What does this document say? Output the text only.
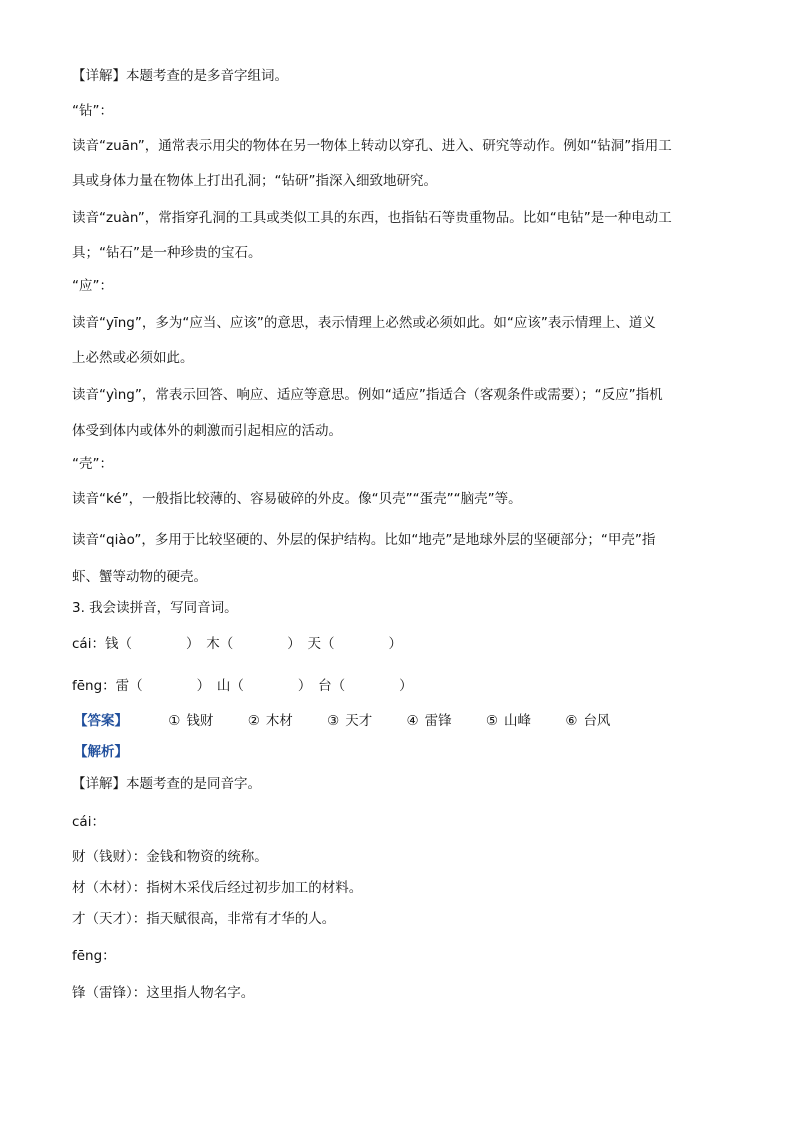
【详解】本题考查的是多音字组词。
“钻”：
读音“zuān”，通常表示用尖的物体在另一物体上转动以穿孔、进入、研究等动作。例如“钻洞”指用工
具或身体力量在物体上打出孔洞；“钻研”指深入细致地研究。
读音“zuàn”，常指穿孔洞的工具或类似工具的东西，也指钻石等贵重物品。比如“电钻”是一种电动工
具；“钻石”是一种珍贵的宝石。
“应”：
读音“yīng”，多为“应当、应该”的意思，表示情理上必然或必须如此。如“应该”表示情理上、道义
上必然或必须如此。
读音“yìng”，常表示回答、响应、适应等意思。例如“适应”指适合（客观条件或需要）；“反应”指机
体受到体内或体外的刺激而引起相应的活动。
“壳”：
读音“ké”，一般指比较薄的、容易破碎的外皮。像“贝壳”“蛋壳”“脑壳”等。
读音“qiào”，多用于比较坚硬的、外层的保护结构。比如“地壳”是地球外层的坚硬部分；“甲壳”指
虾、蟹等动物的硬壳。
3. 我会读拼音，写同音词。
cái：钱（　　　　）　木（　　　　）　天（　　　　）
fēng：雷（　　　　）　山（　　　　）　台（　　　　）
【答案】	① 钱财	② 木材	③ 天才	④ 雷锋	⑤ 山峰	⑥ 台风
【解析】
【详解】本题考查的是同音字。
cái：
财（钱财）：金钱和物资的统称。
材（木材）：指树木采伐后经过初步加工的材料。
才（天才）：指天赋很高，非常有才华的人。
fēng：
锋（雷锋）：这里指人物名字。
